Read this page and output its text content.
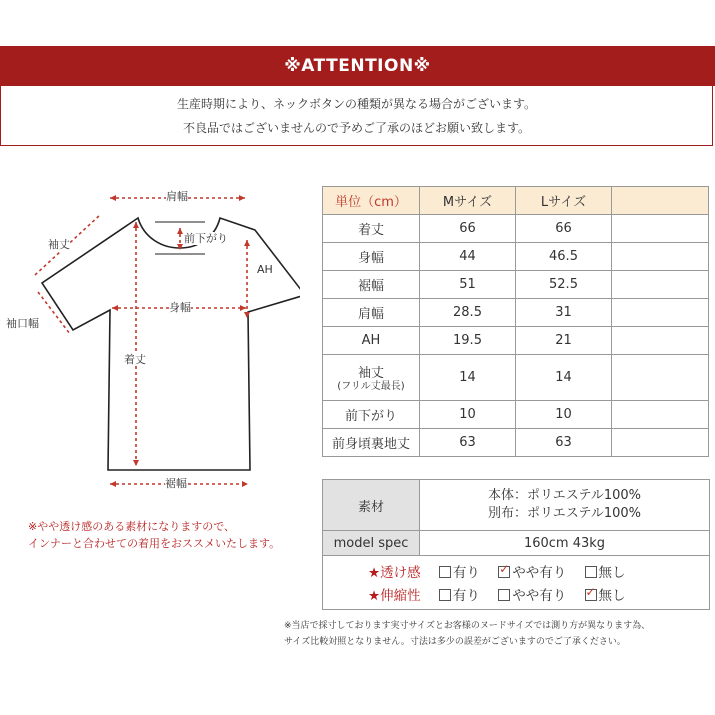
※ATTENTION※
生産時期により、ネックボタンの種類が異なる場合がございます。
不良品ではございませんので予めご了承のほどお願い致します。
肩幅
袖丈	前下がり
AH
袖口幅
身幅
着丈
裾幅
単位（cm）	Mサイズ	Lサイズ	
着丈	66	66	
身幅	44	46.5	
裾幅	51	52.5	
肩幅	28.5	31	
AH	19.5	21	
袖丈
(フリル丈最長)	14	14	
前下がり	10	10	
前身頃裏地丈	63	63	
素材	本体：ポリエステル100%
別布：ポリエステル100%

model spec	160cm 43kg

★透け感 有り ✓ やや有り 無し
★伸縮性 有り やや有り ✓ 無し
※やや透け感のある素材になりますので、
インナーと合わせての着用をおススメいたします。
※当店で採寸しております実寸サイズとお客様のヌードサイズでは測り方が異なります為、
サイズ比較対照となりません。寸法は多少の誤差がございますのでご了承ください。
